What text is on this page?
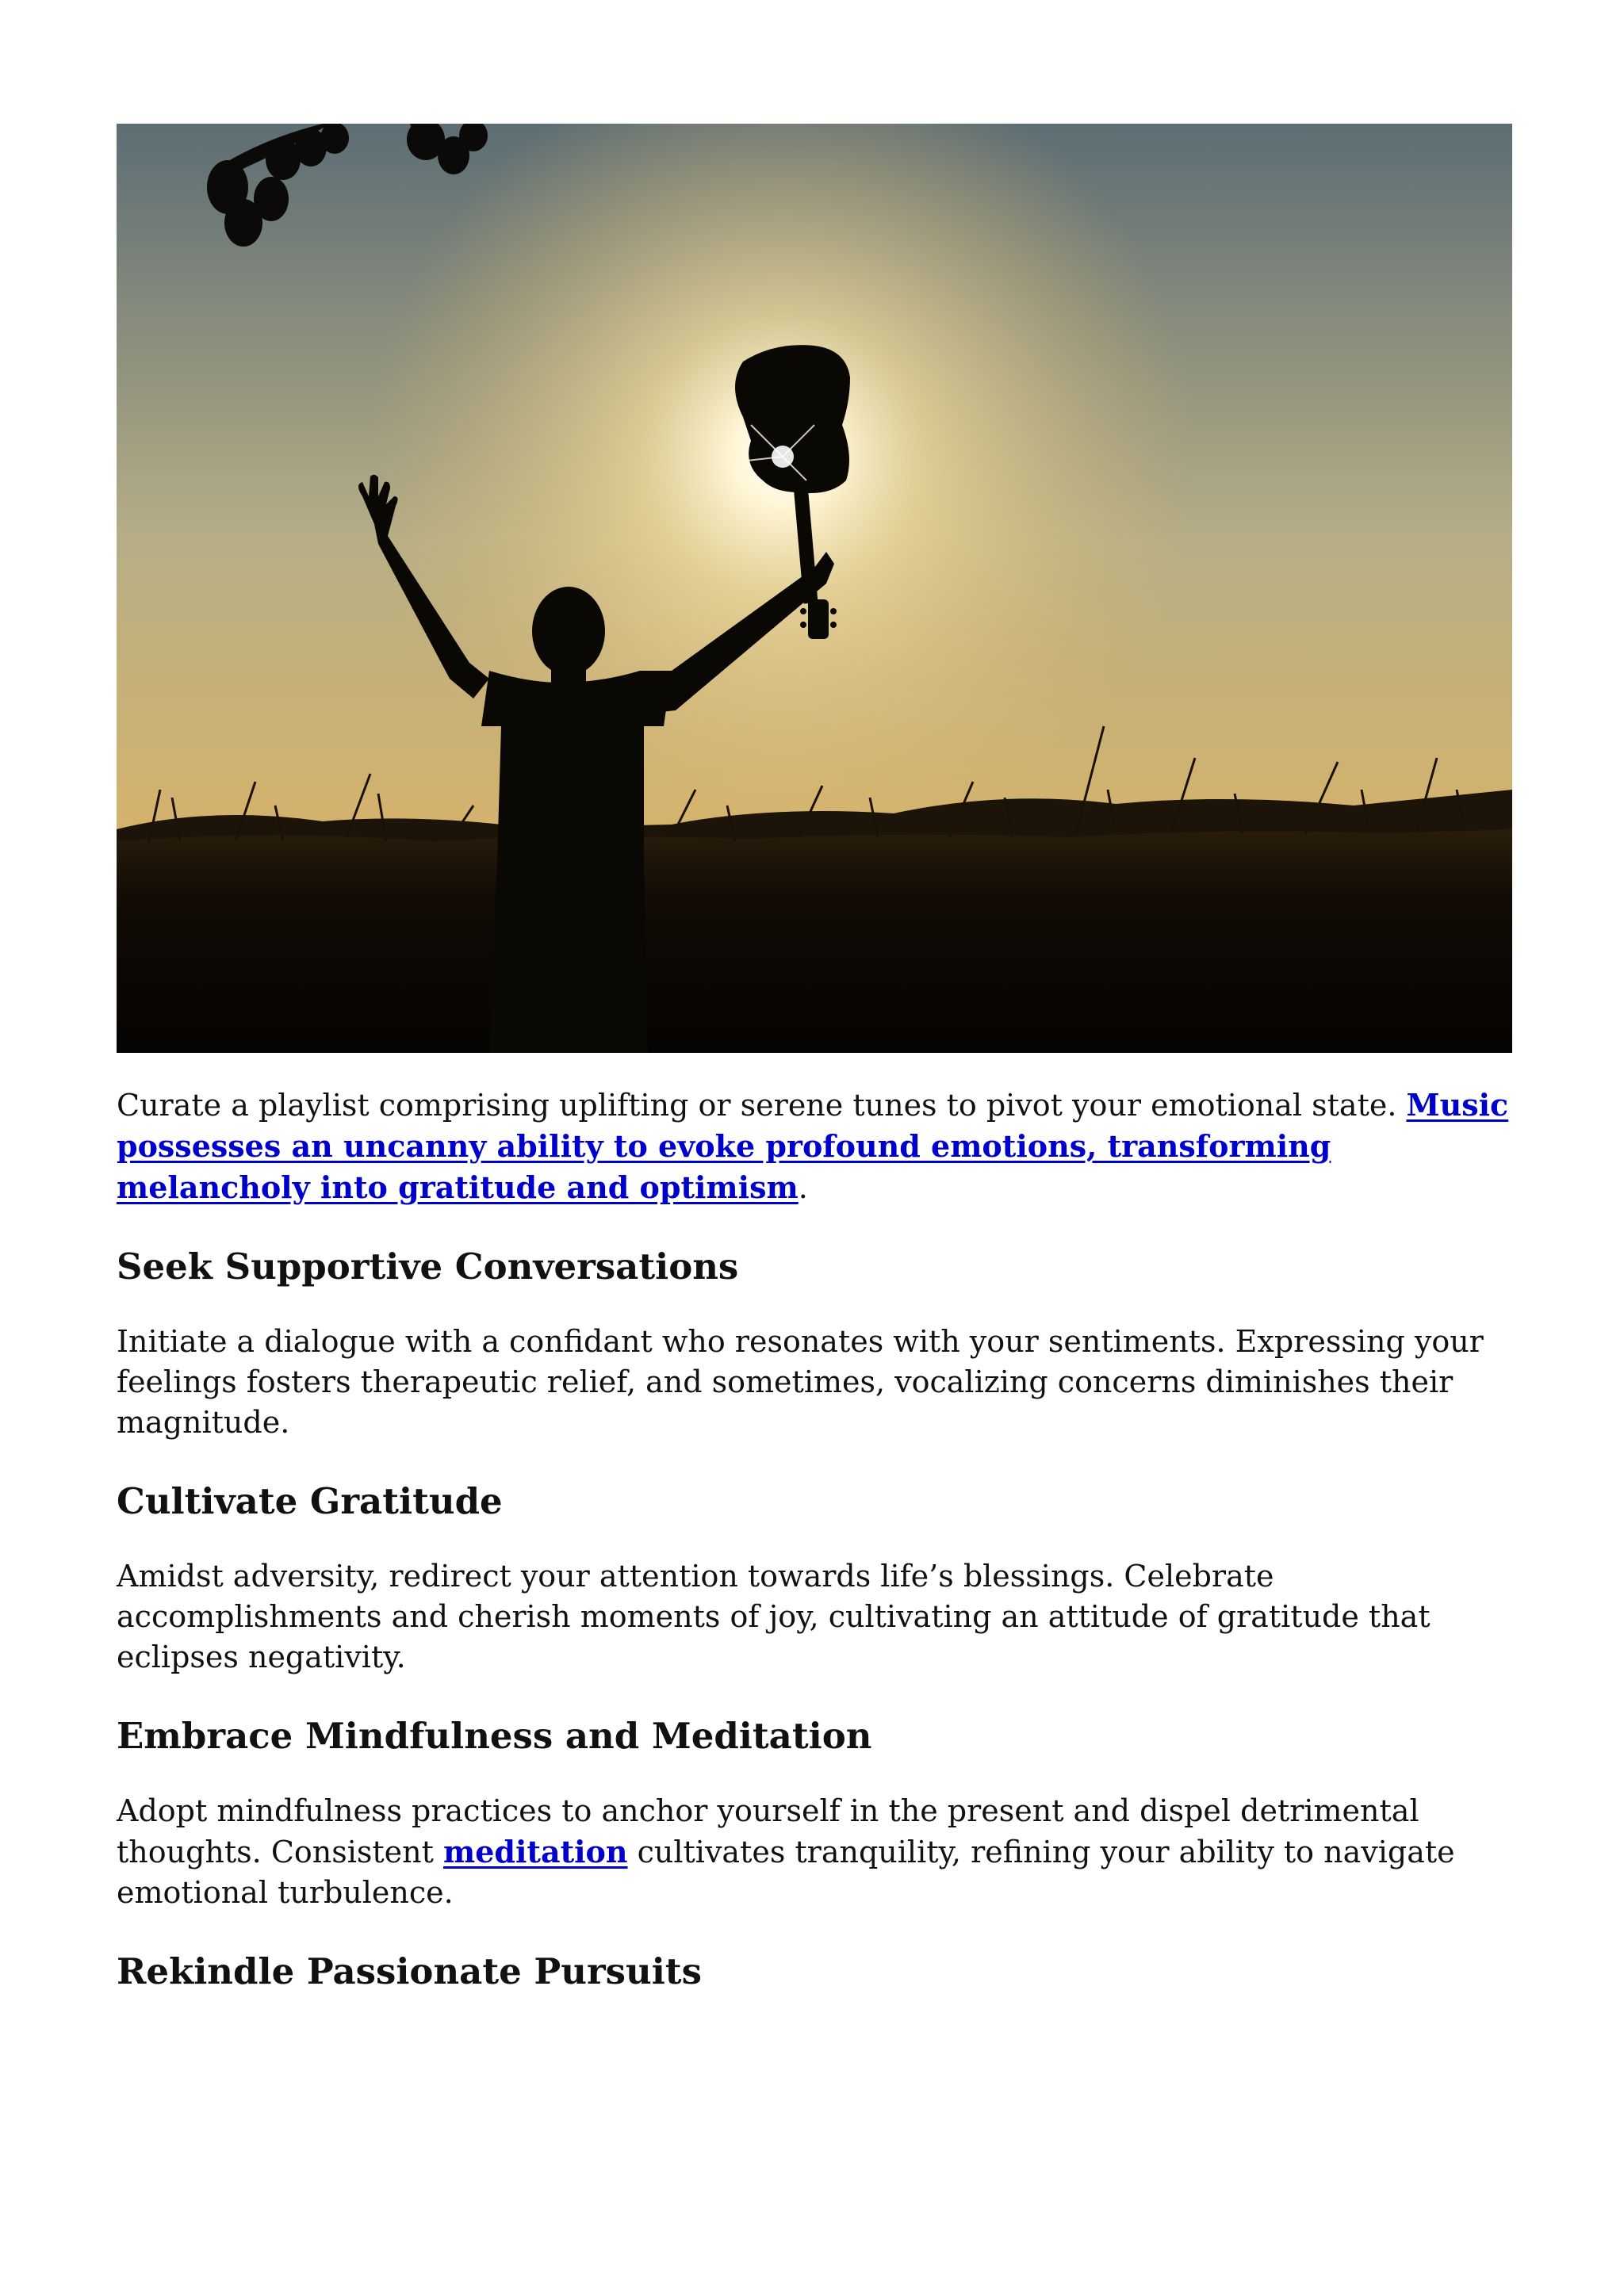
Curate a playlist comprising uplifting or serene tunes to pivot your emotional state. Music possesses an uncanny ability to evoke profound emotions, transforming melancholy into gratitude and optimism.

Seek Supportive Conversations

Initiate a dialogue with a confidant who resonates with your sentiments. Expressing your feelings fosters therapeutic relief, and sometimes, vocalizing concerns diminishes their magnitude.

Cultivate Gratitude

Amidst adversity, redirect your attention towards life’s blessings. Celebrate accomplishments and cherish moments of joy, cultivating an attitude of gratitude that eclipses negativity.

Embrace Mindfulness and Meditation

Adopt mindfulness practices to anchor yourself in the present and dispel detrimental thoughts. Consistent meditation cultivates tranquility, refining your ability to navigate emotional turbulence.

Rekindle Passionate Pursuits
